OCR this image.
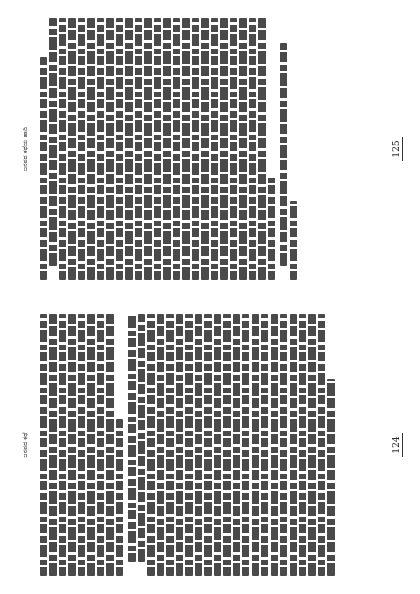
ಜನಪದ ಕಥೆ	124
ಜನಪದ ಕಥೆಯ ಹಾದಿ	125
